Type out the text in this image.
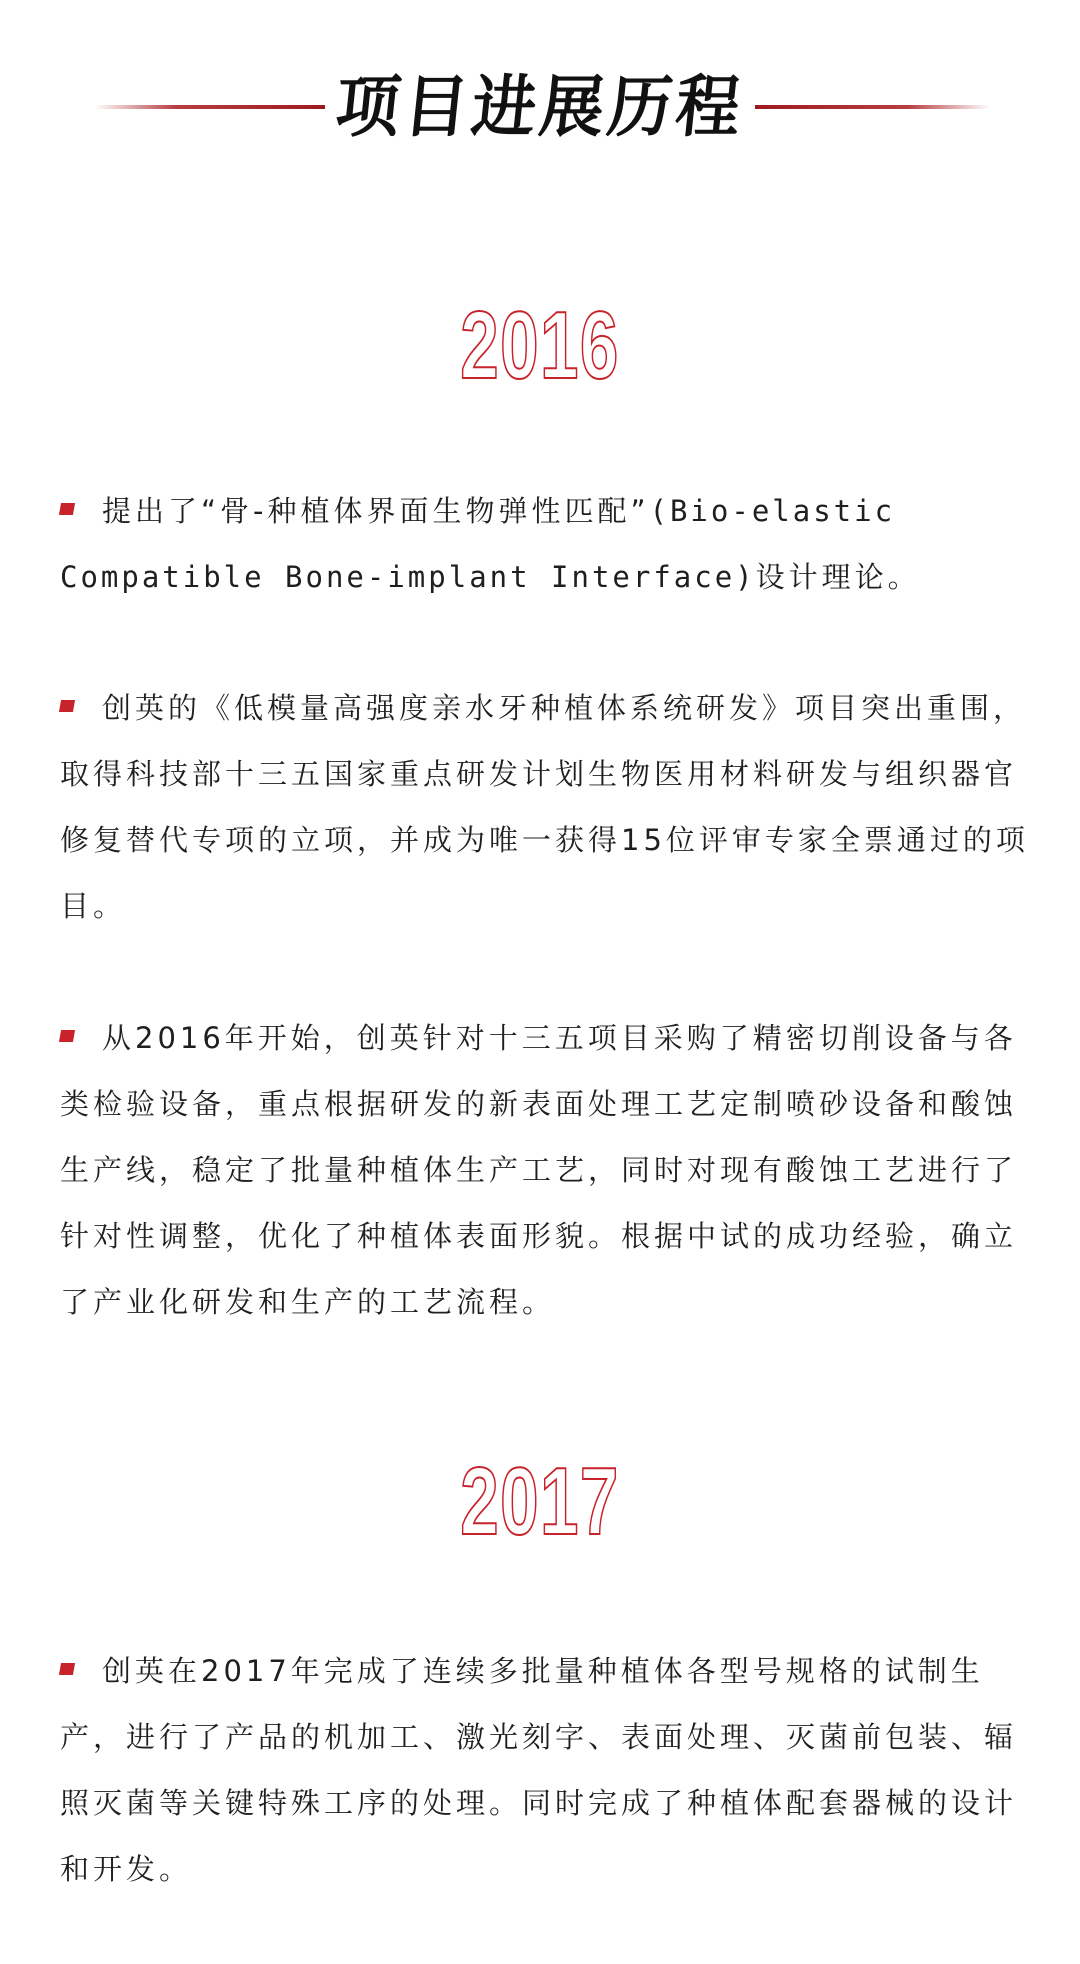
项目进展历程
2016
提出了“骨-种植体界面生物弹性匹配”(Bio-elastic Compatible Bone-implant Interface)设计理论。
创英的《低模量高强度亲水牙种植体系统研发》项目突出重围，取得科技部十三五国家重点研发计划生物医用材料研发与组织器官修复替代专项的立项，并成为唯一获得15位评审专家全票通过的项目。
从2016年开始，创英针对十三五项目采购了精密切削设备与各类检验设备，重点根据研发的新表面处理工艺定制喷砂设备和酸蚀生产线，稳定了批量种植体生产工艺，同时对现有酸蚀工艺进行了针对性调整，优化了种植体表面形貌。根据中试的成功经验，确立了产业化研发和生产的工艺流程。
2017
创英在2017年完成了连续多批量种植体各型号规格的试制生产，进行了产品的机加工、激光刻字、表面处理、灭菌前包装、辐照灭菌等关键特殊工序的处理。同时完成了种植体配套器械的设计和开发。
